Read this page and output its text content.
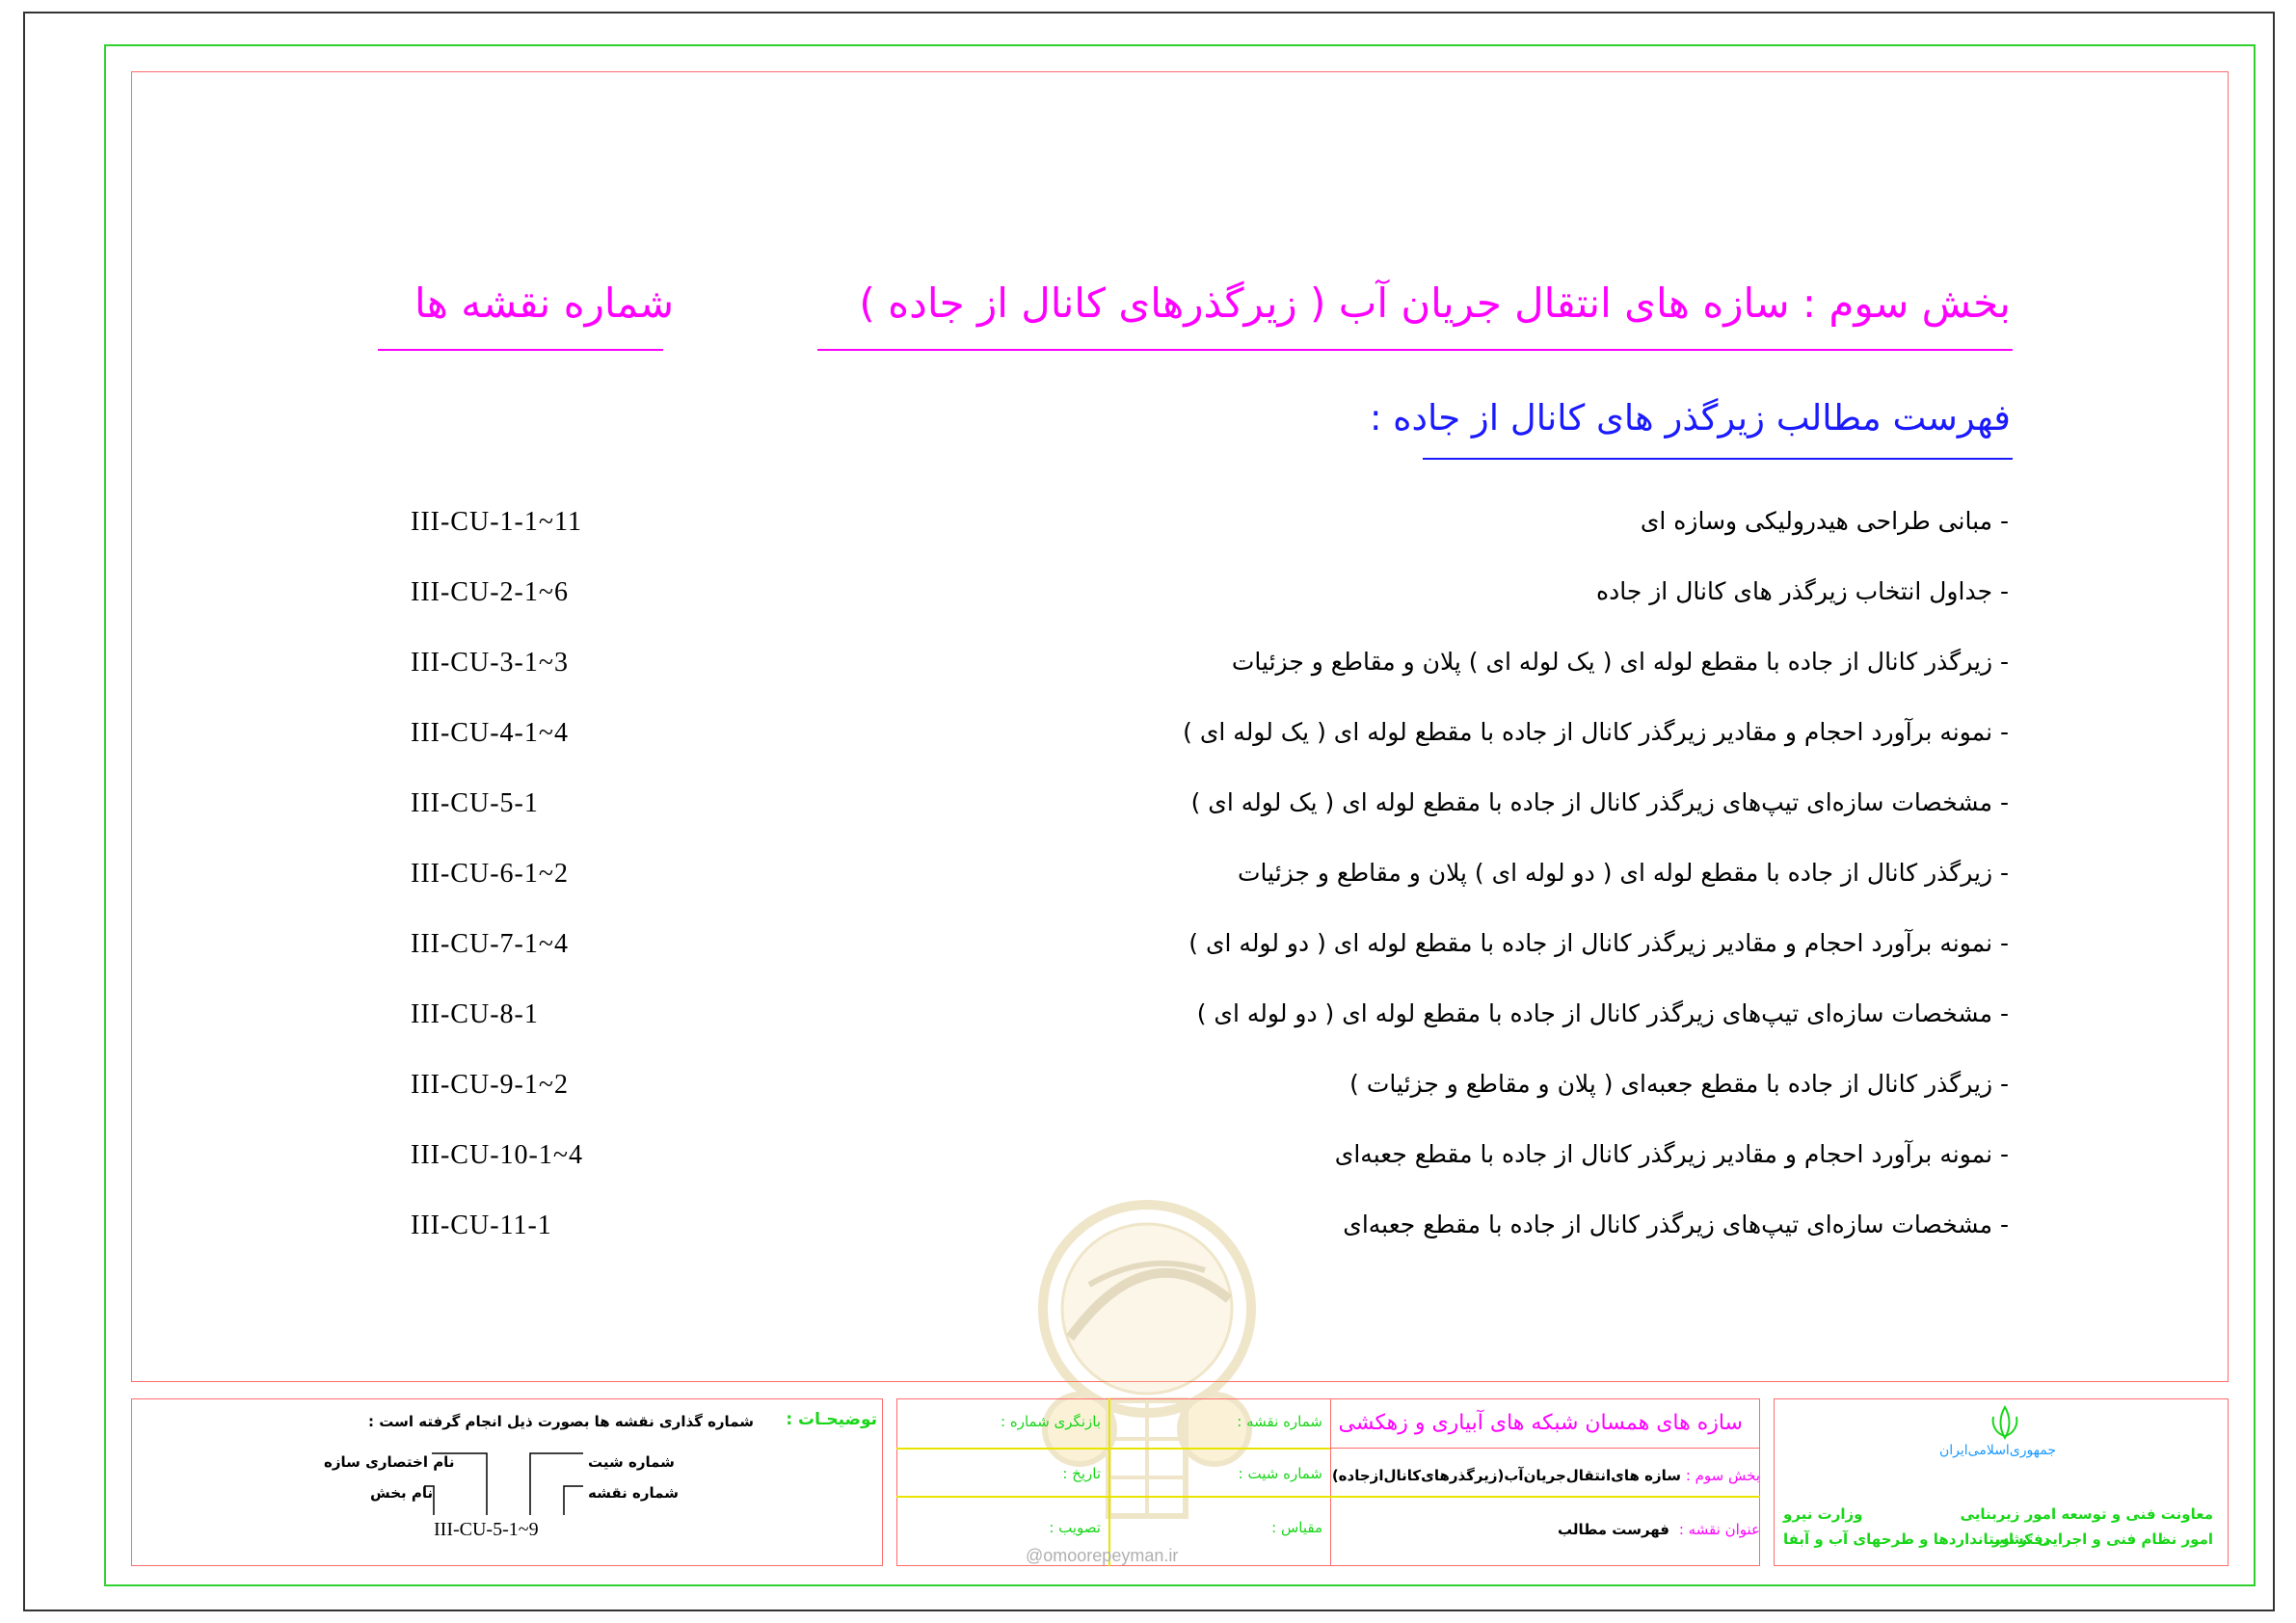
بخش سوم : سازه های انتقال جریان آب ( زیرگذرهای کانال از جاده )
شماره نقشه ها
فهرست مطالب زیرگذر های کانال از جاده :
- مبانی طراحی هیدرولیکی وسازه ای
III-CU-1-1~11
- جداول انتخاب زیرگذر های کانال از جاده
III-CU-2-1~6
- زیرگذر کانال از جاده با مقطع لوله ای ( یک لوله ای ) پلان و مقاطع و جزئیات
III-CU-3-1~3
- نمونه برآورد احجام و مقادیر زیرگذر کانال از جاده با مقطع لوله ای ( یک لوله ای )
III-CU-4-1~4
- مشخصات سازه‌ای تیپ‌های زیرگذر کانال از جاده با مقطع لوله ای ( یک لوله ای )
III-CU-5-1
- زیرگذر کانال از جاده با مقطع لوله ای ( دو لوله ای ) پلان و مقاطع و جزئیات
III-CU-6-1~2
- نمونه برآورد احجام و مقادیر زیرگذر کانال از جاده با مقطع لوله ای ( دو لوله ای )
III-CU-7-1~4
- مشخصات سازه‌ای تیپ‌های زیرگذر کانال از جاده با مقطع لوله ای ( دو لوله ای )
III-CU-8-1
- زیرگذر کانال از جاده با مقطع جعبه‌ای ( پلان و مقاطع و جزئیات )
III-CU-9-1~2
- نمونه برآورد احجام و مقادیر زیرگذر کانال از جاده با مقطع جعبه‌ای
III-CU-10-1~4
- مشخصات سازه‌ای تیپ‌های زیرگذر کانال از جاده با مقطع جعبه‌ای
III-CU-11-1
توضیحـات :
شماره گذاری نقشه ها بصورت ذیل انجام گرفته است :
شماره شیت
نام اختصاری سازه
شماره نقشه
نام بخش
III-CU-5-1~9
سازه های همسان شبکه های آبیاری و زهکشی
بخش سوم :
سازه های‌انتقال‌جریان‌آب(زیرگذرهای‌کانال‌از‌جاده)
عنوان نقشه :
فهرست مطالب
شماره نقشه :
بازنگری شماره :
شماره شیت :
تاریخ :
مقیاس :
تصویب :
@omoorepeyman.ir
جمهوری‌اسلامی‌ایران
وزارت نیرو	معاونت فنی و توسعه امور زیربنایی
دفتر استانداردها و طرحهای آب و آبفا
امور نظام فنی و اجرایی کشور
